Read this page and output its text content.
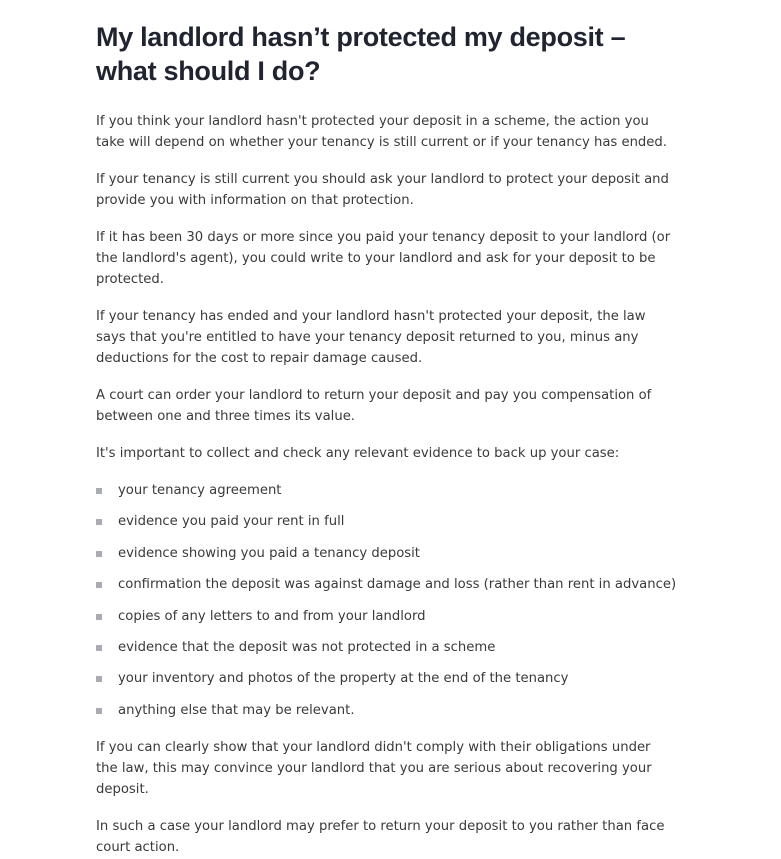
My landlord hasn’t protected my deposit – what should I do?

If you think your landlord hasn't protected your deposit in a scheme, the action you take will depend on whether your tenancy is still current or if your tenancy has ended.

If your tenancy is still current you should ask your landlord to protect your deposit and provide you with information on that protection.

If it has been 30 days or more since you paid your tenancy deposit to your landlord (or the landlord's agent), you could write to your landlord and ask for your deposit to be protected.

If your tenancy has ended and your landlord hasn't protected your deposit, the law says that you're entitled to have your tenancy deposit returned to you, minus any deductions for the cost to repair damage caused.

A court can order your landlord to return your deposit and pay you compensation of between one and three times its value.

It's important to collect and check any relevant evidence to back up your case:

your tenancy agreement
evidence you paid your rent in full
evidence showing you paid a tenancy deposit
confirmation the deposit was against damage and loss (rather than rent in advance)
copies of any letters to and from your landlord
evidence that the deposit was not protected in a scheme
your inventory and photos of the property at the end of the tenancy
anything else that may be relevant.

If you can clearly show that your landlord didn't comply with their obligations under the law, this may convince your landlord that you are serious about recovering your deposit.

In such a case your landlord may prefer to return your deposit to you rather than face court action.
